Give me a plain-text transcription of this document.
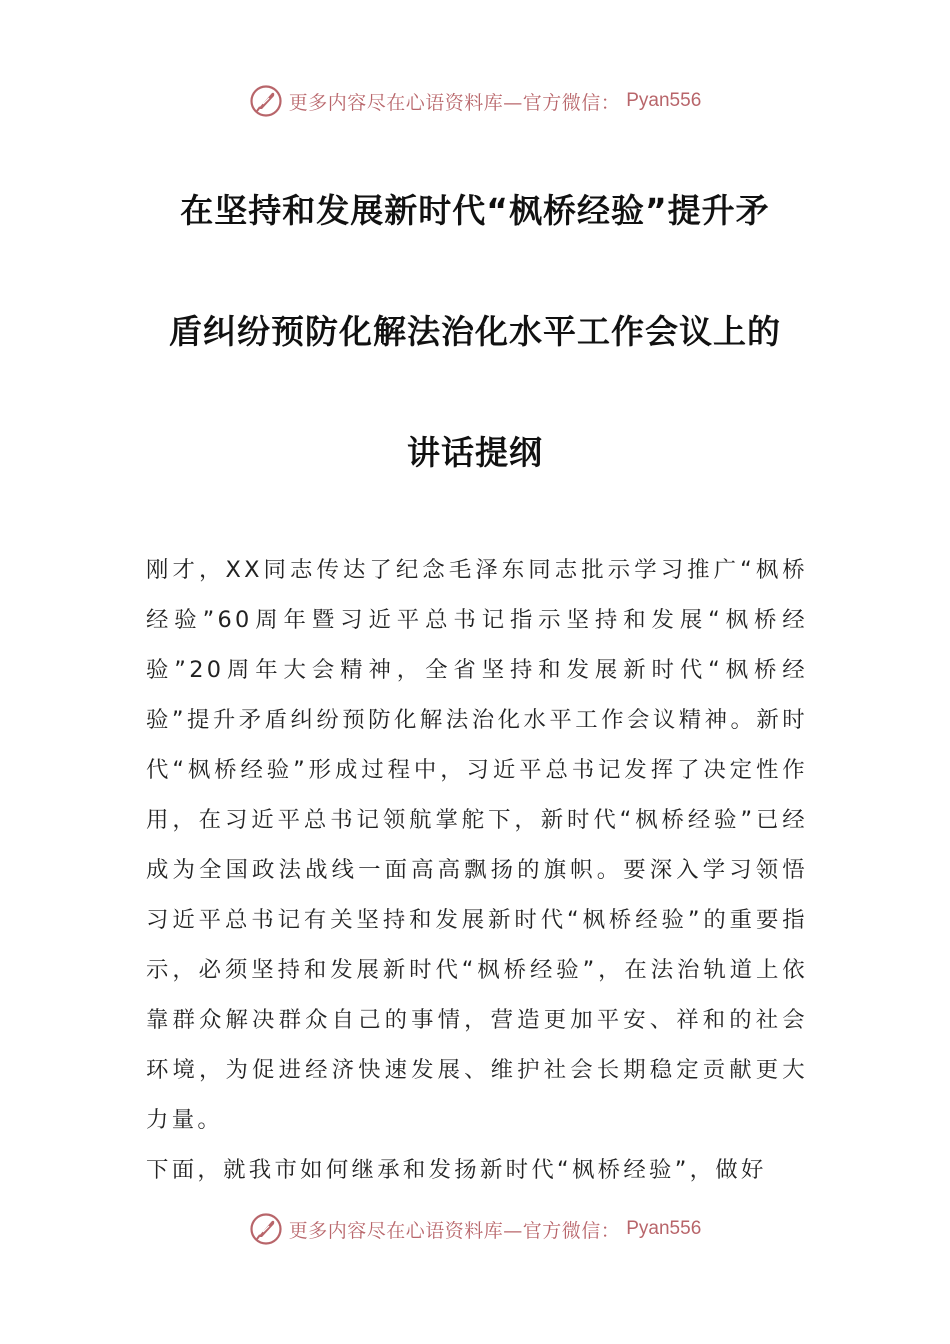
更多内容尽在心语资料库—官方微信： Pyan556
在坚持和发展新时代“枫桥经验”提升矛
盾纠纷预防化解法治化水平工作会议上的
讲话提纲

刚才，XX同志传达了纪念毛泽东同志批示学习推广“枫桥经验”60周年暨习近平总书记指示坚持和发展“枫桥经验”20周年大会精神，全省坚持和发展新时代“枫桥经验”提升矛盾纠纷预防化解法治化水平工作会议精神。新时代“枫桥经验”形成过程中，习近平总书记发挥了决定性作用，在习近平总书记领航掌舵下，新时代“枫桥经验”已经成为全国政法战线一面高高飘扬的旗帜。要深入学习领悟习近平总书记有关坚持和发展新时代“枫桥经验”的重要指示，必须坚持和发展新时代“枫桥经验”，在法治轨道上依靠群众解决群众自己的事情，营造更加平安、祥和的社会环境，为促进经济快速发展、维护社会长期稳定贡献更大力量。

下面，就我市如何继承和发扬新时代“枫桥经验”，做好

更多内容尽在心语资料库—官方微信： Pyan556
